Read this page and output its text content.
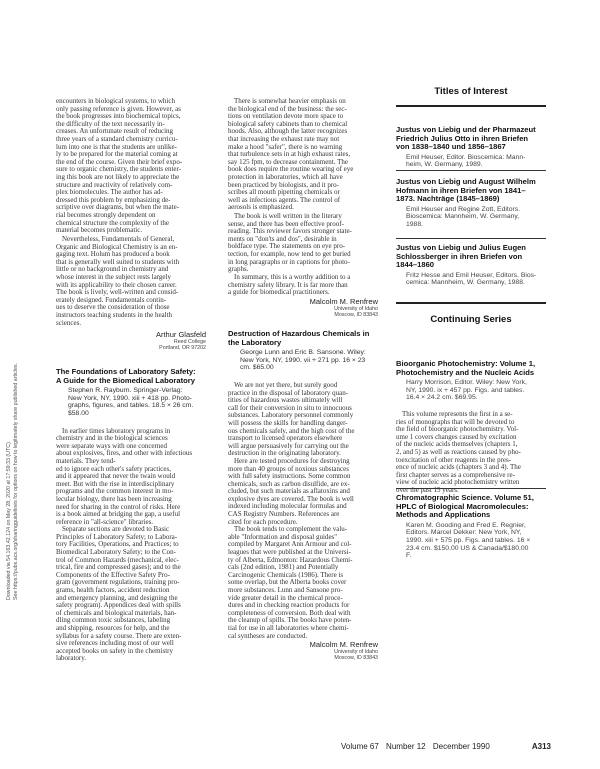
Downloaded via 54.163.42.124 on May 28, 2020 at 17:59:33 (UTC). See https://pubs.acs.org/sharingguidelines for options on how to legitimately share published articles.

encounters in biological systems, to which
only passing reference is given. However, as
the book progresses into biochemical topics,
the difficulty of the text necessarily in-
creases. An unfortunate result of reducing
three years of a standard chemistry curricu-
lum into one is that the students are unlike-
ly to be prepared for the material coming at
the end of the course. Given their brief expo-
sure to organic chemistry, the students enter-
ing this book are not likely to appreciate the
structure and reactivity of relatively com-
plex biomolecules. The author has ad-
dressed this problem by emphasizing de-
scriptive over diagrams, but when the mate-
rial becomes strongly dependent on
chemical structure the complexity of the
material becomes problematic.

Nevertheless, Fundamentals of General,
Organic and Biological Chemistry is an en-
gaging text. Holum has produced a book
that is generally well suited to students with
little or no background in chemistry and
whose interest in the subject rests largely
with its applicability to their chosen career.
The book is lively, well-written and consid-
erately designed. Fundamentals contin-
ues to deserve the consideration of those
instructors teaching students in the health
sciences.

Arthur Glasfeld
Reed College
Portland, OR 97202

The Foundations of Laboratory Safety:
A Guide for the Biomedical Laboratory

Stephen R. Rayburn. Springer-Verlag:
New York, NY, 1990. xiii + 418 pp. Photo-
graphs, figures, and tables. 18.5 × 26 cm.
$58.00

In earlier times laboratory programs in
chemistry and in the biological sciences
were separate ways with one concerned
about explosives, fires, and other with infectious
materials. They tend-
ed to ignore each other's safety practices,
and it appeared that never the twain would
meet. But with the rise in interdisciplinary
programs and the common interest in mo-
lecular biology, there has been increasing
need for sharing in the control of risks. Here
is a book aimed at bridging the gap, a useful
reference in "all-science" libraries.

Separate sections are devoted to Basic
Principles of Laboratory Safety; to Labora-
tory Facilities, Operations, and Practices; to
Biomedical Laboratory Safety; to the Con-
trol of Common Hazards (mechanical, elec-
trical, fire and compressed gases); and to the
Components of the Effective Safety Pro-
gram (government regulations, training pro-
grams, health factors, accident reduction
and emergency planning, and designing the
safety program). Appendices deal with spills
of chemicals and biological materials, han-
dling common toxic substances, labeling
and shipping, resources for help, and the
syllabus for a safety course. There are exten-
sive references including most of our well
accepted books on safety in the chemistry
laboratory.

There is somewhat heavier emphasis on
the biological end of the business: the sec-
tions on ventilation devote more space to
biological safety cabinets than to chemical
hoods. Also, although the latter recognizes
that increasing the exhaust rate may not
make a hood "safer", there is no warning
that turbulence sets in at high exhaust rates,
say 125 fpm, to decrease containment. The
book does require the routine wearing of eye
protection in laboratories, which all have
been practiced by biologists, and it pro-
scribes all mouth pipetting chemicals or
well as infectious agents. The control of
aerosols is emphasized.

The book is well written in the literary
sense, and there has been effective proof-
reading. This reviewer favors stronger state-
ments on "don'ts and dos", desirable in
boldface type. The statements on eye pro-
tection, for example, now tend to get buried
in long paragraphs or in captions for photo-
graphs.

In summary, this is a worthy addition to a
chemistry safety library. It is far more than
a guide for biomedical practitioners.

Malcolm M. Renfrew
University of Idaho
Moscow, ID 83843

Destruction of Hazardous Chemicals in
the Laboratory

George Lunn and Eric B. Sansone. Wiley:
New York, NY, 1990. vii + 271 pp. 16 × 23
cm. $65.00

We are not yet there, but surely good
practice in the disposal of laboratory quan-
tities of hazardous wastes ultimately will
call for their conversion in situ to innocuous
substances. Laboratory personnel commonly
will possess the skills for handling danger-
ous chemicals safely, and the high cost of the
transport to licensed operators elsewhere
will argue persuasively for carrying out the
destruction in the originating laboratory.

Here are tested procedures for destroying
more than 40 groups of noxious substances
with full safety instructions. Some common
chemicals, such as carbon disulfide, are ex-
cluded, but such materials as aflatoxins and
explosive dyes are covered. The book is well
indexed including molecular formulas and
CAS Registry Numbers. References are
cited for each procedure.

The book tends to complement the valu-
able "Information and disposal guides"
compiled by Margaret Ann Armour and col-
leagues that were published at the Universi-
ty of Alberta, Edmonton: Hazardous Chemi-
cals (2nd edition, 1981) and Potentially
Carcinogenic Chemicals (1986). There is
some overlap, but the Alberta books cover
more substances. Lunn and Sansone pro-
vide greater detail in the chemical proce-
dures and in checking reaction products for
completeness of conversion. Both deal with
the cleanup of spills. The books have poten-
tial for use in all laboratories where chemi-
cal syntheses are conducted.

Malcolm M. Renfrew
University of Idaho
Moscow, ID 83843

Titles of Interest

Justus von Liebig und der Pharmazeut
Friedrich Julius Otto in ihren Briefen
von 1838–1840 und 1856–1867

Emil Heuser, Editor. Bioscemica: Mann-
heim, W. Germany, 1989.

Justus von Liebig und August Wilhelm
Hofmann in ihren Briefen von 1841–
1873. Nachträge (1845–1869)

Emil Heuser and Regine Zott, Editors.
Bioscemica: Mannheim, W. Germany,
1988.

Justus von Liebig und Julius Eugen
Schlossberger in ihren Briefen von
1844–1860

Fritz Hesse and Emil Heuser, Editors. Bios-
cemica: Mannheim, W. Germany, 1988.

Continuing Series

Bioorganic Photochemistry: Volume 1,
Photochemistry and the Nucleic Acids

Harry Morrison, Editor. Wiley: New York,
NY, 1990. ix + 457 pp. Figs. and tables.
16.4 × 24.2 cm. $69.95.

This volume represents the first in a se-
ries of monographs that will be devoted to
the field of bioorganic photochemistry. Vol-
ume 1 covers changes caused by excitation
of the nucleic acids themselves (chapters 1,
2, and 5) as well as reactions caused by pho-
toexcitation of other reagents in the pres-
ence of nucleic acids (chapters 3 and 4). The
first chapter serves as a comprehensive re-
view of nucleic acid photochemistry written
over the past 15 years.

Chromatographic Science. Volume 51,
HPLC of Biological Macromolecules:
Methods and Applications

Karen M. Gooding and Fred E. Regnier,
Editors. Marcel Dekker: New York, NY,
1990. xiii + 575 pp. Figs. and tables. 16 ×
23.4 cm. $150.00 US & Canada/$180.00
F.

Volume 67 Number 12 December 1990	A313
